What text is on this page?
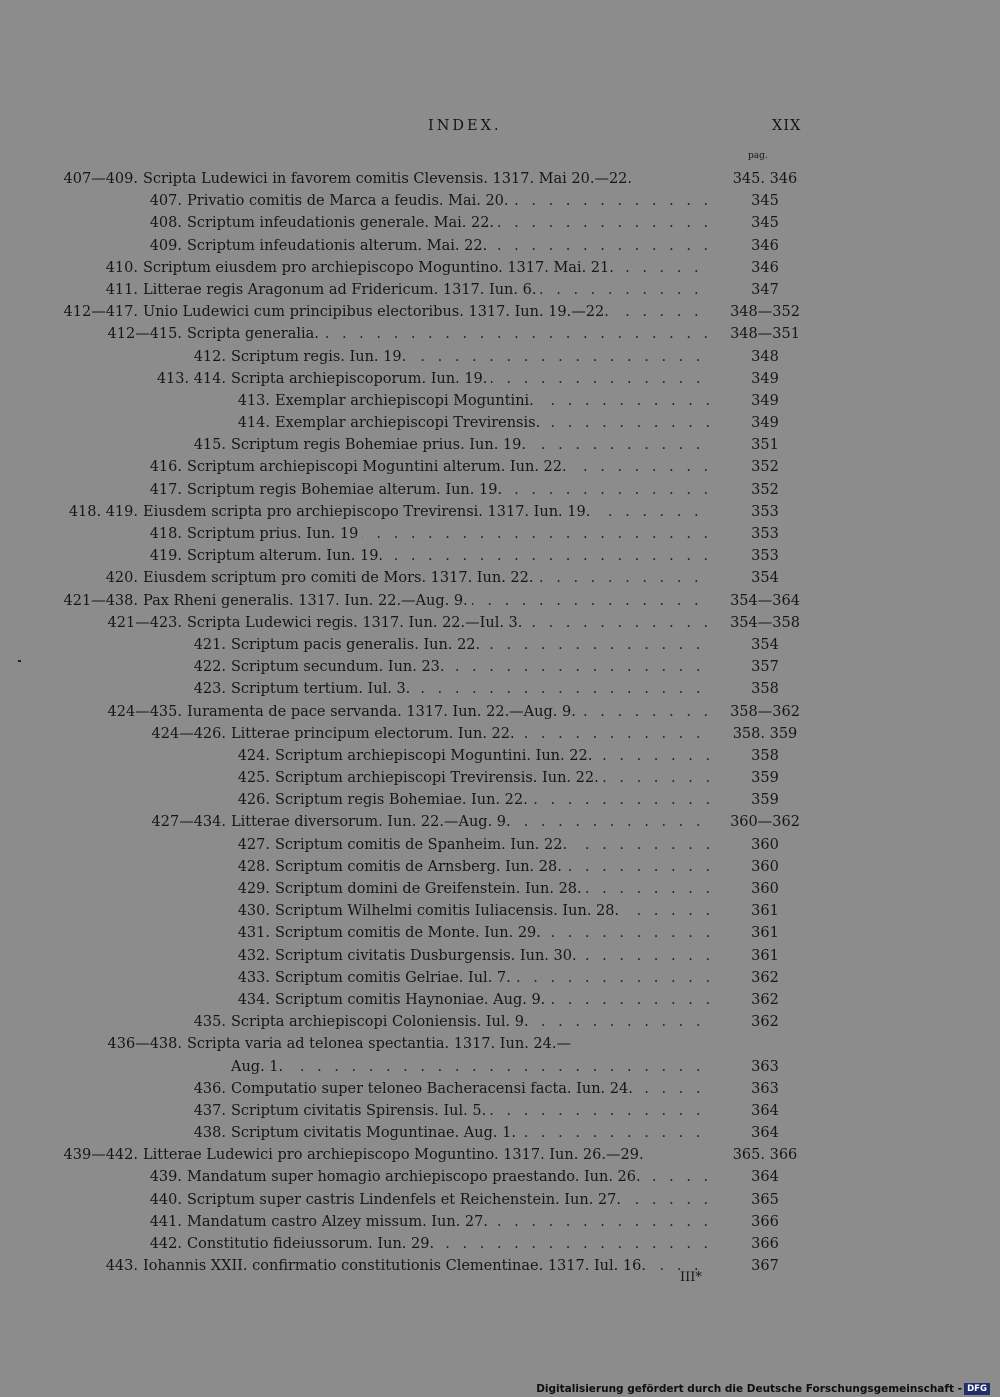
INDEX.	XIX
pag.
407—409. Scripta Ludewici in favorem comitis Clevensis. 1317. Mai 20.—22.	345. 346
407. Privatio comitis de Marca a feudis. Mai. 20. . . .	345
408. Scriptum infeudationis generale. Mai. 22. . . .	345
409. Scriptum infeudationis alterum. Mai. 22. . . .	346
410. Scriptum eiusdem pro archiepiscopo Moguntino. 1317. Mai. 21. . . .	346
411. Litterae regis Aragonum ad Fridericum. 1317. Iun. 6. . . .	347
412—417. Unio Ludewici cum principibus electoribus. 1317. Iun. 19.—22. . . .	348—352
412—415. Scripta generalia. . . .	348—351
412. Scriptum regis. Iun. 19. . . .	348
413. 414. Scripta archiepiscoporum. Iun. 19. . . .	349
413. Exemplar archiepiscopi Moguntini. . . .	349
414. Exemplar archiepiscopi Trevirensis. . . .	349
415. Scriptum regis Bohemiae prius. Iun. 19. . . .	351
416. Scriptum archiepiscopi Moguntini alterum. Iun. 22. . . .	352
417. Scriptum regis Bohemiae alterum. Iun. 19. . . .	352
418. 419. Eiusdem scripta pro archiepiscopo Trevirensi. 1317. Iun. 19. . . .	353
418. Scriptum prius. Iun. 19 . . .	353
419. Scriptum alterum. Iun. 19. . . .	353
420. Eiusdem scriptum pro comiti de Mors. 1317. Iun. 22. . . .	354
421—438. Pax Rheni generalis. 1317. Iun. 22.—Aug. 9. . . .	354—364
421—423. Scripta Ludewici regis. 1317. Iun. 22.—Iul. 3. . . .	354—358
421. Scriptum pacis generalis. Iun. 22. . . .	354
422. Scriptum secundum. Iun. 23. . . .	357
423. Scriptum tertium. Iul. 3. . . .	358
424—435. Iuramenta de pace servanda. 1317. Iun. 22.—Aug. 9. . . .	358—362
424—426. Litterae principum electorum. Iun. 22. . . .	358. 359
424. Scriptum archiepiscopi Moguntini. Iun. 22. . . .	358
425. Scriptum archiepiscopi Trevirensis. Iun. 22. . . .	359
426. Scriptum regis Bohemiae. Iun. 22. . . .	359
427—434. Litterae diversorum. Iun. 22.—Aug. 9. . . .	360—362
427. Scriptum comitis de Spanheim. Iun. 22. . . .	360
428. Scriptum comitis de Arnsberg. Iun. 28. . . .	360
429. Scriptum domini de Greifenstein. Iun. 28. . . .	360
430. Scriptum Wilhelmi comitis Iuliacensis. Iun. 28. . . .	361
431. Scriptum comitis de Monte. Iun. 29. . . .	361
432. Scriptum civitatis Dusburgensis. Iun. 30. . . .	361
433. Scriptum comitis Gelriae. Iul. 7. . . .	362
434. Scriptum comitis Haynoniae. Aug. 9. . . .	362
435. Scripta archiepiscopi Coloniensis. Iul. 9. . . .	362
436—438. Scripta varia ad telonea spectantia. 1317. Iun. 24.—
Aug. 1. . . .	363
436. Computatio super teloneo Bacheracensi facta. Iun. 24. . . .	363
437. Scriptum civitatis Spirensis. Iul. 5. . . .	364
438. Scriptum civitatis Moguntinae. Aug. 1. . . .	364
439—442. Litterae Ludewici pro archiepiscopo Moguntino. 1317. Iun. 26.—29.	365. 366
439. Mandatum super homagio archiepiscopo praestando. Iun. 26. . . .	364
440. Scriptum super castris Lindenfels et Reichenstein. Iun. 27. . . .	365
441. Mandatum castro Alzey missum. Iun. 27. . . .	366
442. Constitutio fideiussorum. Iun. 29. . . .	366
443. Iohannis XXII. confirmatio constitutionis Clementinae. 1317. Iul. 16. . . .	367
III*
Digitalisierung gefördert durch die Deutsche Forschungsgemeinschaft - DFG
